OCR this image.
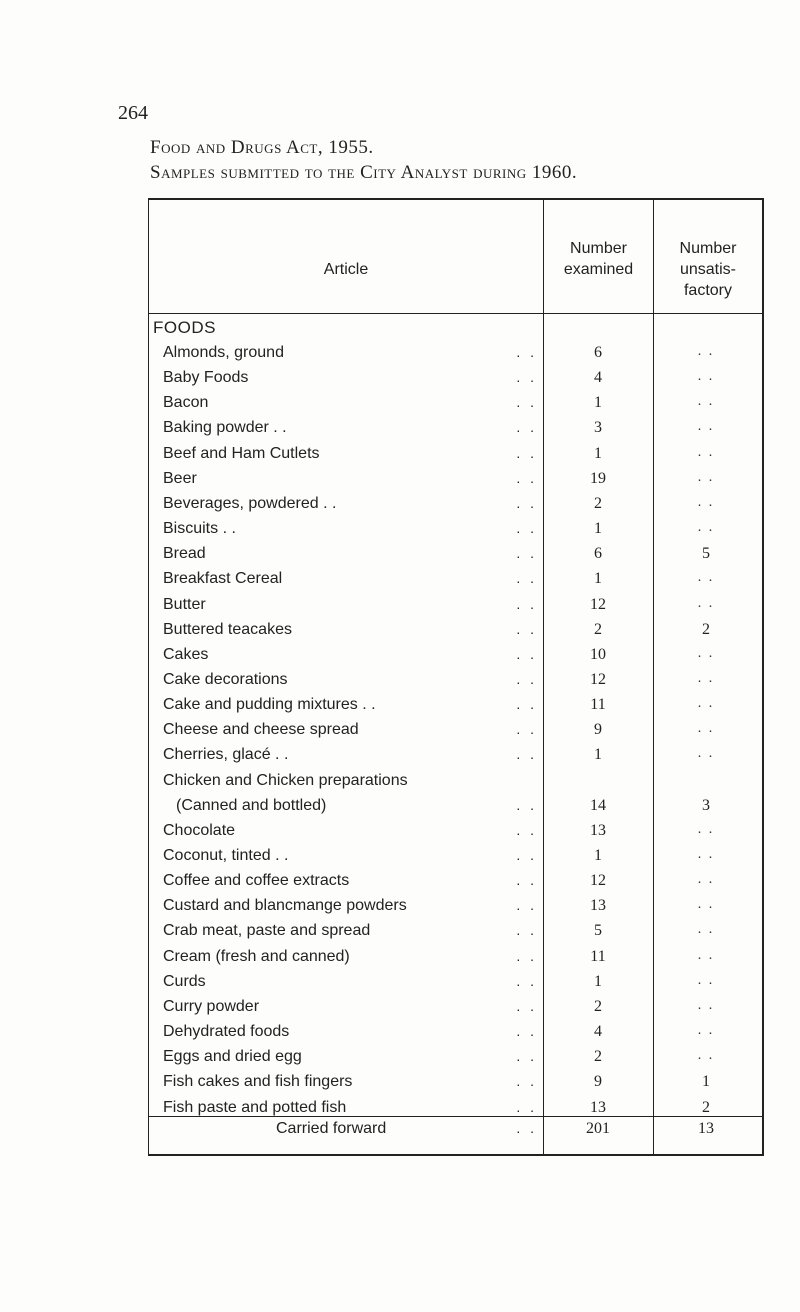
264
Food and Drugs Act, 1955.
Samples submitted to the City Analyst during 1960.
Article
Number
examined
Number
unsatis-
factory
FOODS
Almonds, ground	. .	6	. .
Baby Foods	. .	4	. .
Bacon	. .	1	. .
Baking powder . .	. .	3	. .
Beef and Ham Cutlets	. .	1	. .
Beer	. .	19	. .
Beverages, powdered . .	. .	2	. .
Biscuits . .	. .	1	. .
Bread	. .	6	5
Breakfast Cereal	. .	1	. .
Butter	. .	12	. .
Buttered teacakes	. .	2	2
Cakes	. .	10	. .
Cake decorations	. .	12	. .
Cake and pudding mixtures . .	. .	11	. .
Cheese and cheese spread	. .	9	. .
Cherries, glacé . .	. .	1	. .
Chicken and Chicken preparations
(Canned and bottled)	. .	14	3
Chocolate	. .	13	. .
Coconut, tinted . .	. .	1	. .
Coffee and coffee extracts	. .	12	. .
Custard and blancmange powders	. .	13	. .
Crab meat, paste and spread	. .	5	. .
Cream (fresh and canned)	. .	11	. .
Curds	. .	1	. .
Curry powder	. .	2	. .
Dehydrated foods	. .	4	. .
Eggs and dried egg	. .	2	. .
Fish cakes and fish fingers	. .	9	1
Fish paste and potted fish	. .	13	2
Carried forward	. .	201	13
